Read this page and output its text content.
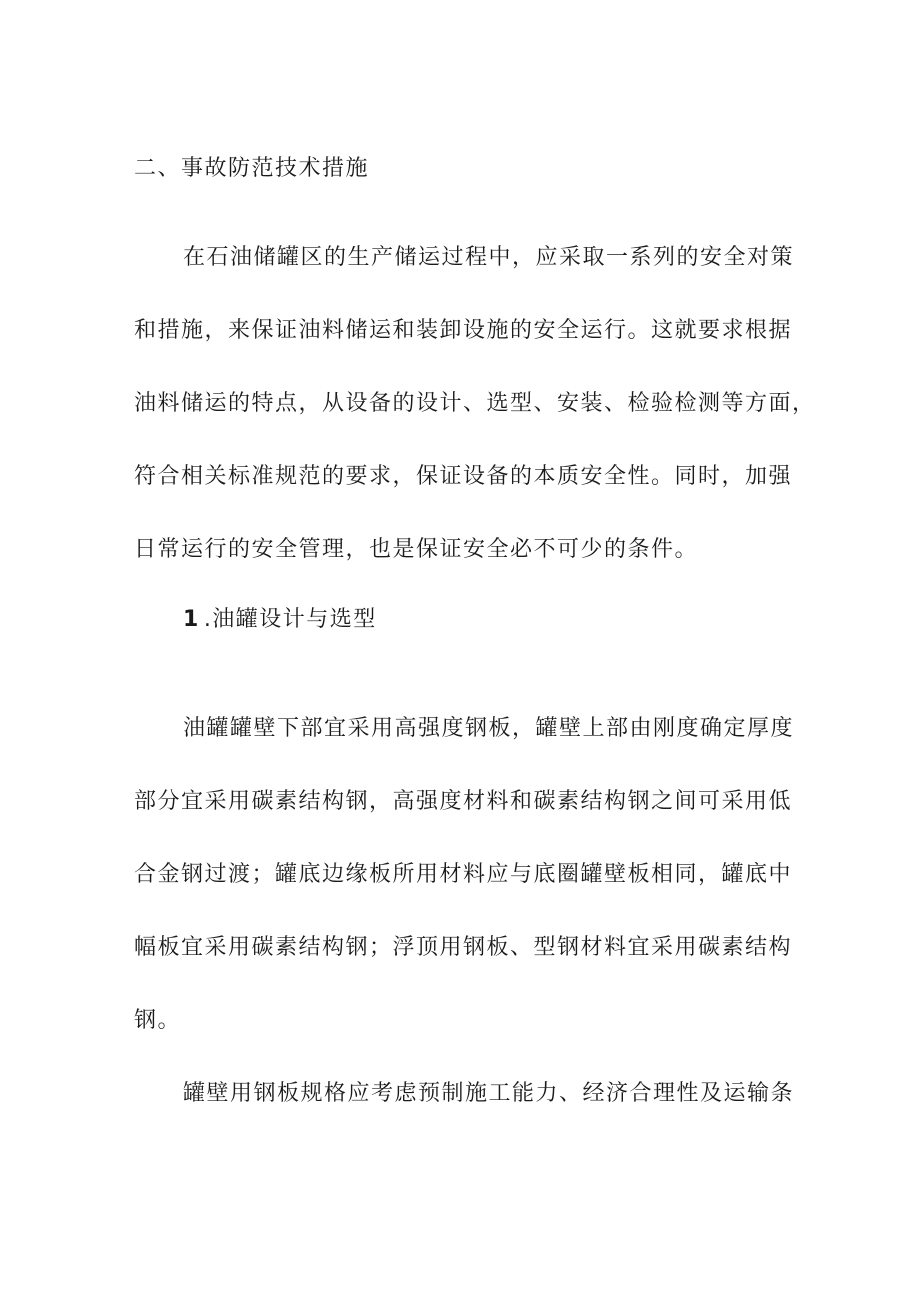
二、事故防范技术措施
在石油储罐区的生产储运过程中，应采取一系列的安全对策
和措施，来保证油料储运和装卸设施的安全运行。这就要求根据
油料储运的特点，从设备的设计、选型、安装、检验检测等方面，
符合相关标准规范的要求，保证设备的本质安全性。同时，加强
日常运行的安全管理，也是保证安全必不可少的条件。
1 .油罐设计与选型
油罐罐壁下部宜采用高强度钢板，罐壁上部由刚度确定厚度
部分宜采用碳素结构钢，高强度材料和碳素结构钢之间可采用低
合金钢过渡；罐底边缘板所用材料应与底圈罐壁板相同，罐底中
幅板宜采用碳素结构钢；浮顶用钢板、型钢材料宜采用碳素结构
钢。
罐壁用钢板规格应考虑预制施工能力、经济合理性及运输条
